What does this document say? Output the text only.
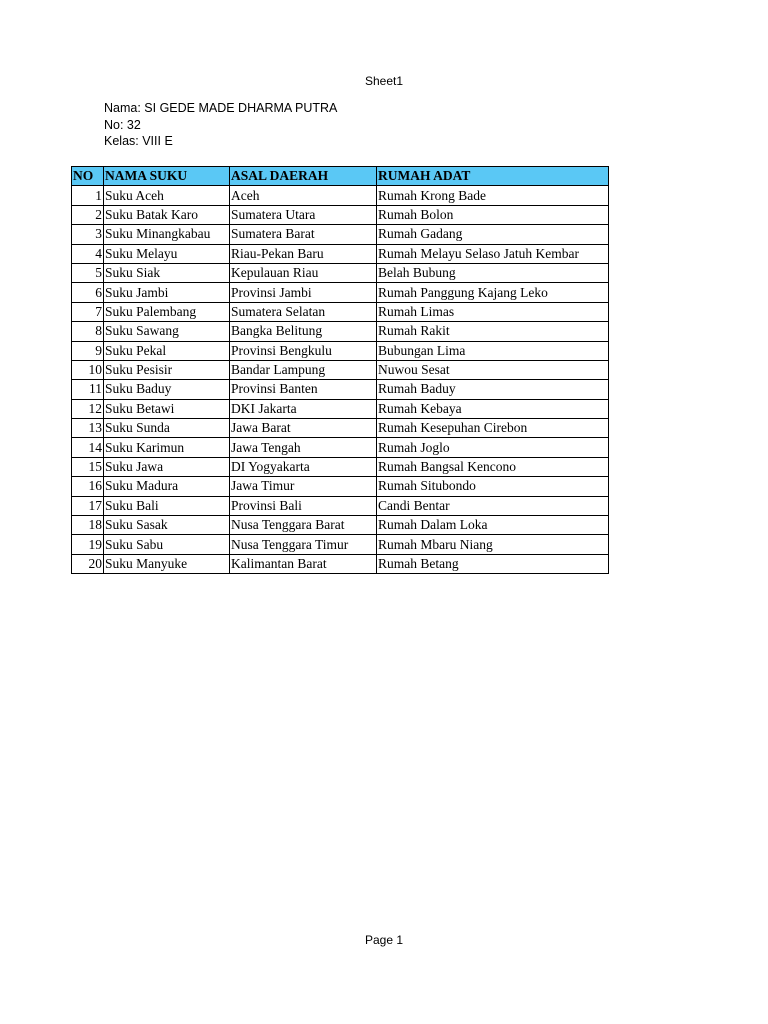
Sheet1
Nama: SI GEDE MADE DHARMA PUTRA
No: 32
Kelas: VIII E
NO	NAMA SUKU	ASAL DAERAH	RUMAH ADAT
1	Suku Aceh	Aceh	Rumah Krong Bade
2	Suku Batak Karo	Sumatera Utara	Rumah Bolon
3	Suku Minangkabau	Sumatera Barat	Rumah Gadang
4	Suku Melayu	Riau-Pekan Baru	Rumah Melayu Selaso Jatuh Kembar
5	Suku Siak	Kepulauan Riau	Belah Bubung
6	Suku Jambi	Provinsi Jambi	Rumah Panggung Kajang Leko
7	Suku Palembang	Sumatera Selatan	Rumah Limas
8	Suku Sawang	Bangka Belitung	Rumah Rakit
9	Suku Pekal	Provinsi Bengkulu	Bubungan Lima
10	Suku Pesisir	Bandar Lampung	Nuwou Sesat
11	Suku Baduy	Provinsi Banten	Rumah Baduy
12	Suku Betawi	DKI Jakarta	Rumah Kebaya
13	Suku Sunda	Jawa Barat	Rumah Kesepuhan Cirebon
14	Suku Karimun	Jawa Tengah	Rumah Joglo
15	Suku Jawa	DI Yogyakarta	Rumah Bangsal Kencono
16	Suku Madura	Jawa Timur	Rumah Situbondo
17	Suku Bali	Provinsi Bali	Candi Bentar
18	Suku Sasak	Nusa Tenggara Barat	Rumah Dalam Loka
19	Suku Sabu	Nusa Tenggara Timur	Rumah Mbaru Niang
20	Suku Manyuke	Kalimantan Barat	Rumah Betang
Page 1
